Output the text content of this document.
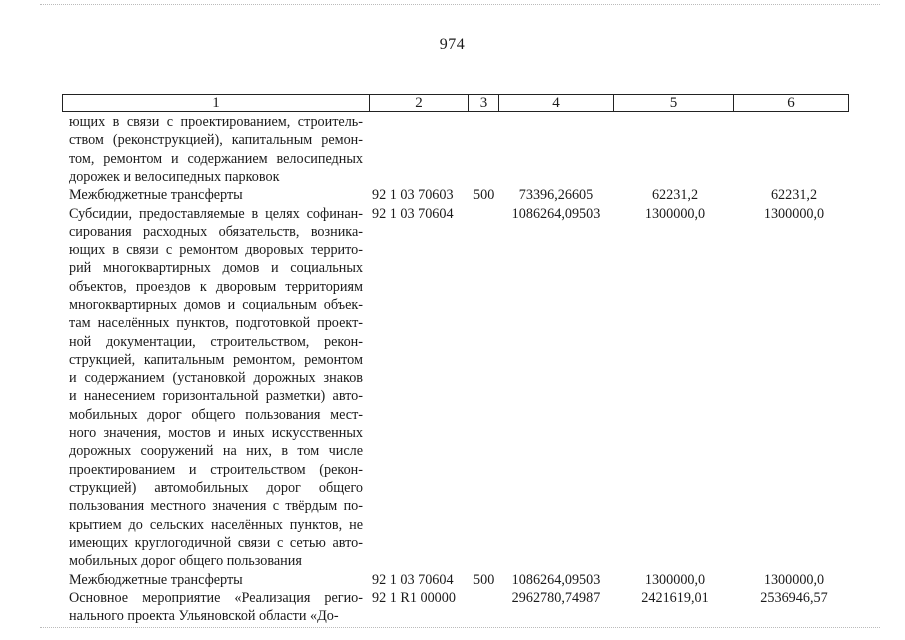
974
1	2	3	4	5	6
ющих в связи с проектированием, строитель-
ством (реконструкцией), капитальным ремон-
том, ремонтом и содержанием велосипедных
дорожек и велосипедных парковок
Межбюджетные трансферты	92 1 03 70603 500	73396,26605	62231,2	62231,2
Субсидии, предоставляемые в целях софинан-
сирования расходных обязательств, возника-
ющих в связи с ремонтом дворовых террито-
рий многоквартирных домов и социальных
объектов, проездов к дворовым территориям
многоквартирных домов и социальным объек-
там населённых пунктов, подготовкой проект-
ной документации, строительством, рекон-
струкцией, капитальным ремонтом, ремонтом
и содержанием (установкой дорожных знаков
и нанесением горизонтальной разметки) авто-
мобильных дорог общего пользования мест-
ного значения, мостов и иных искусственных
дорожных сооружений на них, в том числе
проектированием и строительством (рекон-
струкцией) автомобильных дорог общего
пользования местного значения с твёрдым по-
крытием до сельских населённых пунктов, не
имеющих круглогодичной связи с сетью авто-
мобильных дорог общего пользования
92 1 03 70604	1086264,09503	1300000,0	1300000,0
Межбюджетные трансферты	92 1 03 70604 500	1086264,09503	1300000,0	1300000,0
Основное мероприятие «Реализация регио-
нального проекта Ульяновской области «До-
92 1 R1 00000	2962780,74987	2421619,01	2536946,57
